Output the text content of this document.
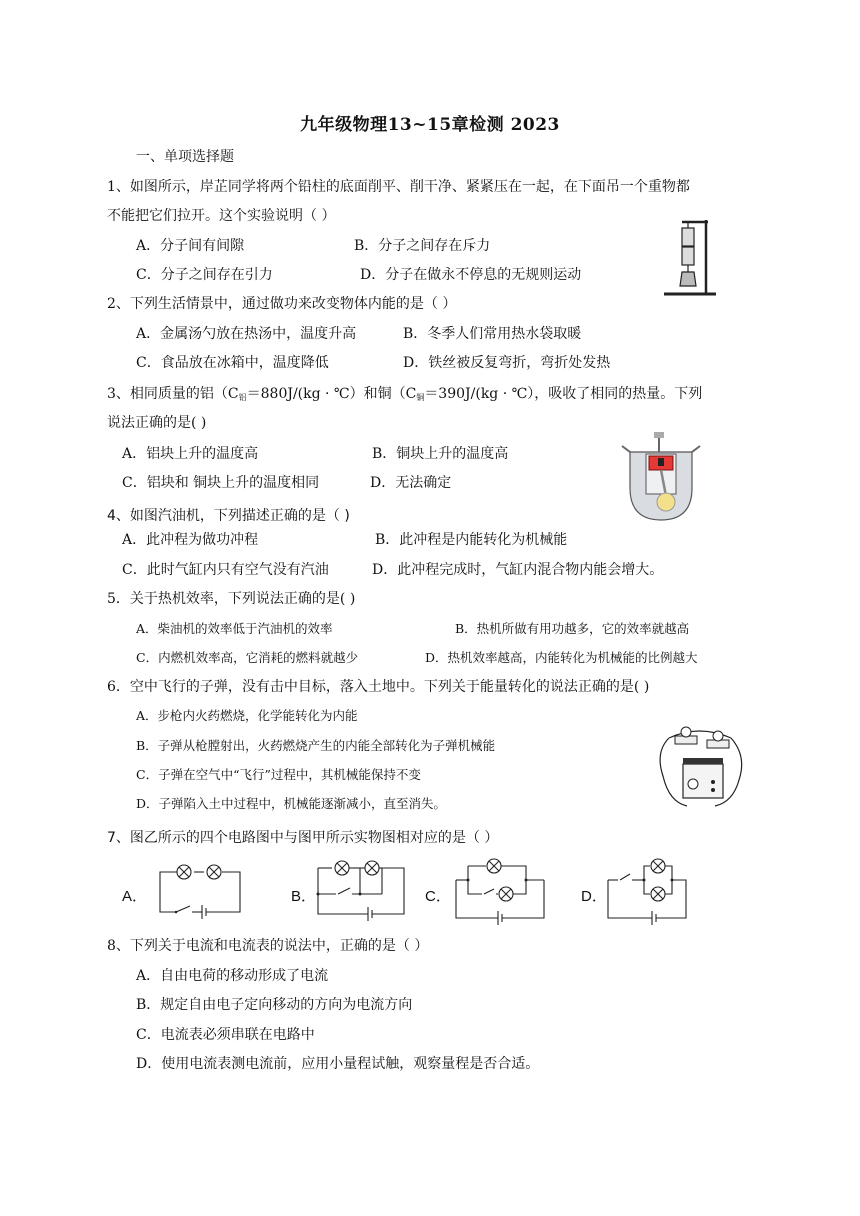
九年级物理13~15章检测 2023
一、单项选择题
1、如图所示，岸芷同学将两个铅柱的底面削平、削干净、紧紧压在一起，在下面吊一个重物都
不能把它们拉开。这个实验说明（ ）
A．分子间有间隙	B．分子之间存在斥力
C．分子之间存在引力	D．分子在做永不停息的无规则运动
2、下列生活情景中，通过做功来改变物体内能的是（ ）
A．金属汤勺放在热汤中，温度升高	B．冬季人们常用热水袋取暖
C．食品放在冰箱中，温度降低	D．铁丝被反复弯折，弯折处发热
3、相同质量的铝（$C_铝=880J/(kg$ · ℃）和铜（$C_铜=390J/(kg$ · ℃），吸收了相同的热量。下列
说法正确的是( )
A．铝块上升的温度高	B．铜块上升的温度高
C．铝块和 铜块上升的温度相同	D．无法确定
4、如图汽油机，下列描述正确的是（ )
A．此冲程为做功冲程	B．此冲程是内能转化为机械能
C．此时气缸内只有空气没有汽油	D．此冲程完成时，气缸内混合物内能会增大。
5．关于热机效率，下列说法正确的是( )
A．柴油机的效率低于汽油机的效率	B．热机所做有用功越多，它的效率就越高
C．内燃机效率高，它消耗的燃料就越少	D．热机效率越高，内能转化为机械能的比例越大
6．空中飞行的子弹，没有击中目标，落入土地中。下列关于能量转化的说法正确的是( )
A．步枪内火药燃烧，化学能转化为内能
B．子弹从枪膛射出，火药燃烧产生的内能全部转化为子弹机械能
C．子弹在空气中“飞行”过程中，其机械能保持不变
D．子弹陷入土中过程中，机械能逐渐减小，直至消失。
7、图乙所示的四个电路图中与图甲所示实物图相对应的是（ ）
A．	B．	C．	D．
8、下列关于电流和电流表的说法中，正确的是（ ）
A．自由电荷的移动形成了电流
B．规定自由电子定向移动的方向为电流方向
C．电流表必须串联在电路中
D．使用电流表测电流前，应用小量程试触，观察量程是否合适。
